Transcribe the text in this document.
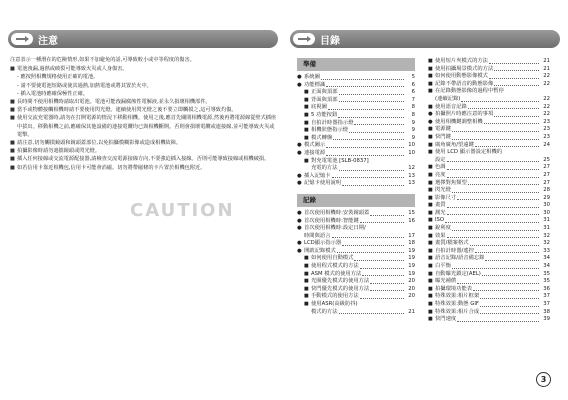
注意
注意表示一種潛在的危險情形,如果不加避免的話,可導致較小或中等程度的傷害。
■ 電池洩漏,過熱或破裂可能導致火災或人身傷害。
- 應按照相機規格使用正確的電池。
- 請不要使電池短路或使其過熱,加熱電池或將其置於火中。
- 插入電池時應確保極性正確。
■ 長時間不使用相機時請取出電池。電池可能洩漏腐蝕性電解液,並永久損壞相機部件。
■ 當手或物體接觸相機時請不要使用閃光燈。連續使用閃光燈之後不要立即觸摸之,這可導致灼傷。
■ 使用交流充電器時,請勿在打開電源的情況下移動相機。使用之後,應首先關閉相機電源,然後再將電源線從壁式插座中拔出。移動相機之前,應確保其他設備的連接電纜均已與相機斷開。否則會損壞電纜或連接線,並可能導致火災或電擊。
■ 請注意,切勿觸摸鏡頭和鏡頭蓋部位,以免拍攝模糊影像或造成相機故障。
■ 拍攝影像時請勿遮擋鏡頭或閃光燈。
■ 插入任何接線或交流電源配接器,請檢查交流電源接線方向,不要強迫插入接線。否則可能導致接線或相機破損。
■ 如若信用卡靠近相機包,信用卡可能會消磁。切勿將帶磁條的卡片置於相機包附近。
CAUTION
目錄
準備
● 系統圖	5
● 功能標識	6
■ 正面與頂部	6
■ 背面與頂部	7
■ 底視圖	8
■ 5 功能按鈕	8
■ 自拍計時器指示燈	9
■ 相機狀態指示燈	9
■ 模式轉盤	9
● 模式圖示	10
● 連接電源	10
■ 對充電電池 [SLB-0837]
充電的方法	12
● 插入記憶卡	13
● 記憶卡使用說明	13
記錄
● 首次使用相機時:安裝鏡頭蓋	15
● 首次使用相機時:智能鍵	16
● 首次使用相機時:設定日期/
時間與語言	17
● LCD顯示指示器	18
● 開啟記錄模式	19
■ 如何使用自動模式	19
■ 使用程式模式的方法	19
■ ASM 模式的使用方法	19
■ 光圈優先模式的使用方法	20
■ 快門優先模式的使用方法	20
■ 手動模式的使用方法	20
■ 使用ASR(高級防抖)
模式的方法	21
■ 使用短片夾模式的方法	21
■ 使用拍攝場景模式的方法	21
■ 如何使用動態影像模式	22
■ 記錄不帶語音的動態影像	22
■ 在記錄動態影像的過程中暫停
(連續記錄)	22
■ 使用語音記錄	22
● 拍攝照片時應注意的事項	22
● 使用相機鍵調整相機	23
■ 電源鍵	23
■ 快門鍵	23
■ 廣角廣角/望遠鍵	24
■ 使用 LCD 顯示器設定相機的
設定	25
■ 色調	27
■ 亮度	27
■ 選擇對焦類型	27
■ 閃光燈	28
■ 影像尺寸	29
■ 畫質	30
■ 測光	30
■ ISO	31
■ 銳利度	31
■ 效果	32
■ 畫質/檔案格式	32
■ 自拍計時器/遙控	33
■ 語音記錄/語音備忘錄	34
■ 白平衡	34
■ 自動曝光鎖定(AEL)	35
■ 曝光補償	35
■ 拍攝環境功能表	36
■ 特殊效果:相片框架	37
■ 特殊效果:動態 GIF	37
■ 特殊效果:相片合成	38
■ 快門速度	39
3
